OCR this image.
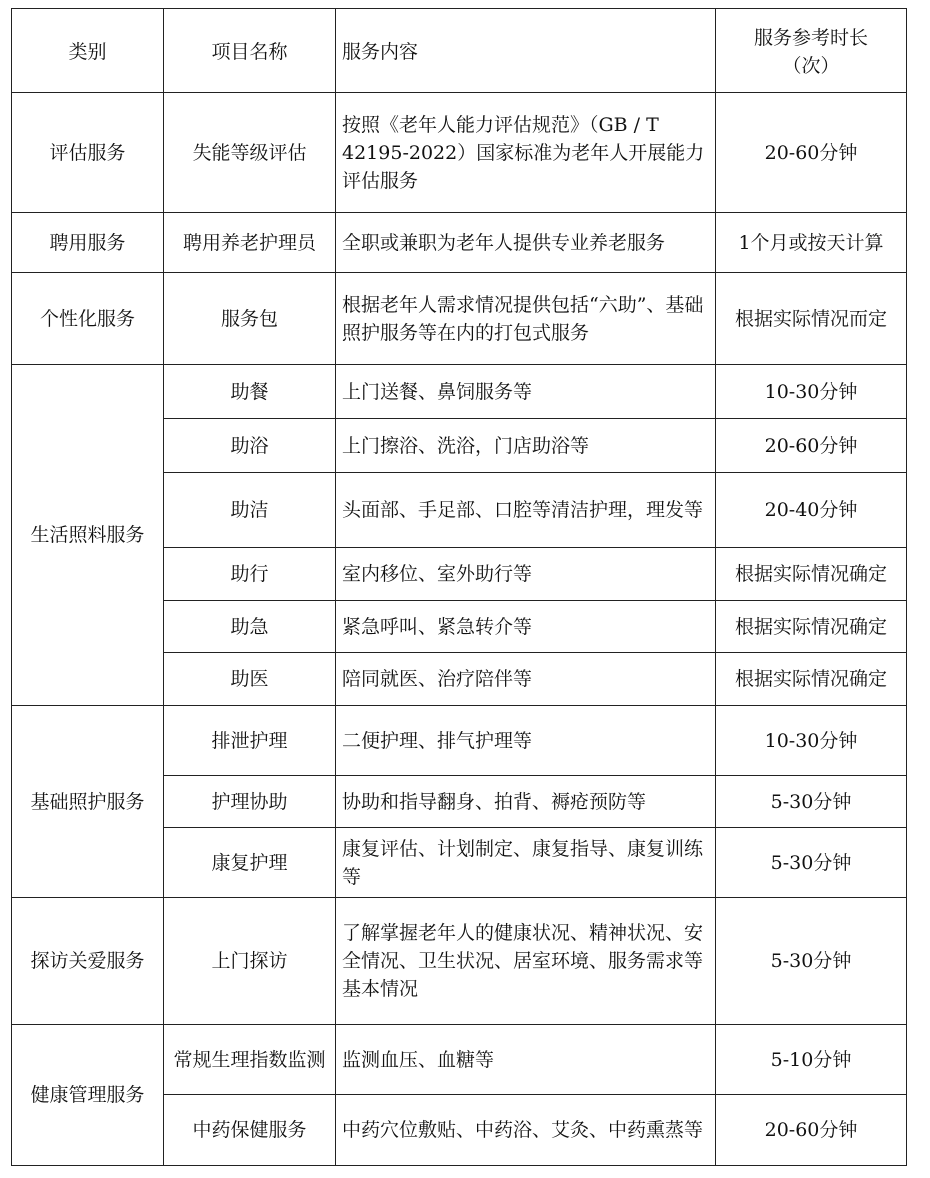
类别	项目名称	服务内容	服务参考时长
（次）

评估服务	失能等级评估	按照《老年人能力评估规范》（GB / T 42195-2022）国家标准为老年人开展能力评估服务	20-60分钟
聘用服务	聘用养老护理员	全职或兼职为老年人提供专业养老服务	1个月或按天计算
个性化服务	服务包	根据老年人需求情况提供包括“六助”、基础照护服务等在内的打包式服务	根据实际情况而定
生活照料服务	助餐	上门送餐、鼻饲服务等	10-30分钟
	助浴	上门擦浴、洗浴，门店助浴等	20-60分钟
	助洁	头面部、手足部、口腔等清洁护理，理发等	20-40分钟
	助行	室内移位、室外助行等	根据实际情况确定
	助急	紧急呼叫、紧急转介等	根据实际情况确定
	助医	陪同就医、治疗陪伴等	根据实际情况确定
基础照护服务	排泄护理	二便护理、排气护理等	10-30分钟
	护理协助	协助和指导翻身、拍背、褥疮预防等	5-30分钟
	康复护理	康复评估、计划制定、康复指导、康复训练等	5-30分钟
探访关爱服务	上门探访	了解掌握老年人的健康状况、精神状况、安全情况、卫生状况、居室环境、服务需求等基本情况	5-30分钟
健康管理服务	常规生理指数监测	监测血压、血糖等	5-10分钟
	中药保健服务	中药穴位敷贴、中药浴、艾灸、中药熏蒸等	20-60分钟
